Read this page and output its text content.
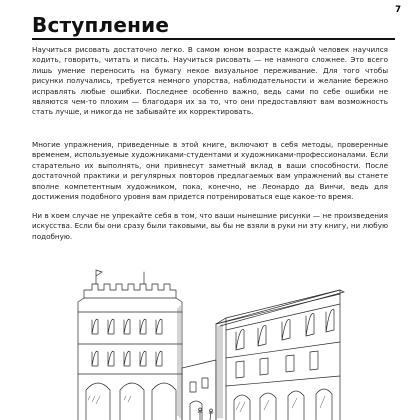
7
Вступление

Научиться рисовать достаточно легко. В самом юном возрасте каждый человек научился ходить, говорить, читать и писать. Научиться рисовать — не намного сложнее. Это всего лишь умение переносить на бумагу некое визуальное переживание. Для того чтобы рисунки получались, требуется немного упорства, наблюдательности и желание бережно исправлять любые ошибки. Последнее особенно важно, ведь сами по себе ошибки не являются чем-то плохим — благодаря их за то, что они предоставляют вам возможность стать лучше, и никогда не забывайте их корректировать.

Многие упражнения, приведенные в этой книге, включают в себя методы, проверенные временем, используемые художниками-студентами и художниками-профессионалами. Если старательно их выполнять, они привнесут заметный вклад в ваши способности. После достаточной практики и регулярных повторов предлагаемых вам упражнений вы станете вполне компетентным художником, пока, конечно, не Леонардо да Винчи, ведь для достижения подобного уровня вам придется потренироваться еще какое-то время.

Ни в коем случае не упрекайте себя в том, что ваши нынешние рисунки — не произведения искусства. Если бы они сразу были таковыми, вы бы не взяли в руки ни эту книгу, ни любую подобную.
